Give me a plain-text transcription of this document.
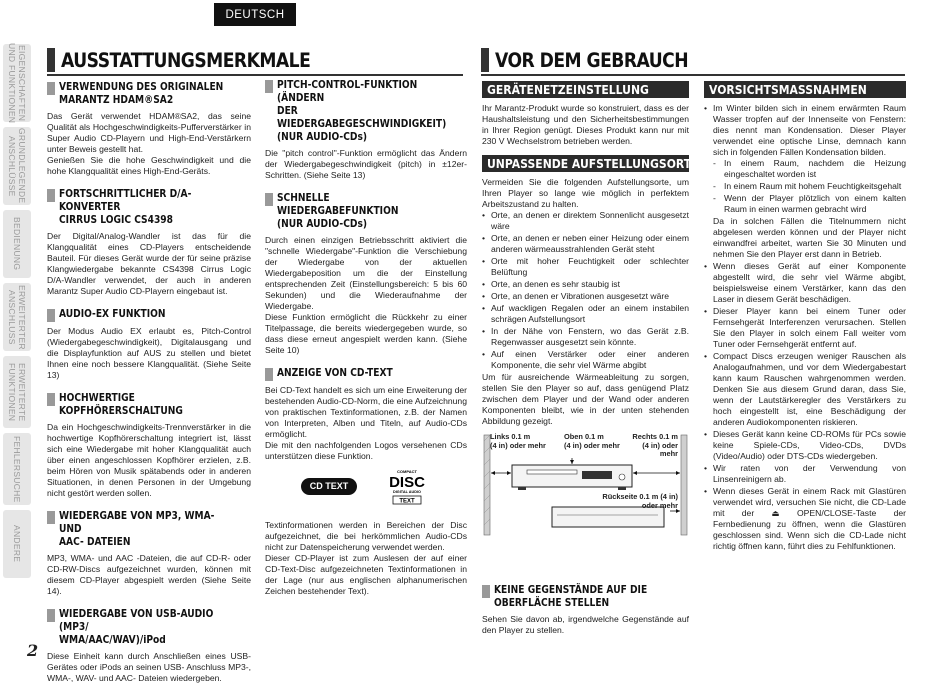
DEUTSCH
EIGENSCHAFTEN
UND FUNKTIONEN
GRUNDLEGENDE
ANSCHLÜSSE
BEDIENUNG
ERWEITERTER
ANSCHLUSS
ERWEITERTE
FUNKTIONEN
FEHLERSUCHE
ANDERE
2
AUSSTATTUNGSMERKMALE	VOR DEM GEBRAUCH
VERWENDUNG DES ORIGINALEN
MARANTZ HDAM®SA2

Das Gerät verwendet HDAM®SA2, das seine Qualität als Hochgeschwindigkeits-Pufferverstärker in Super Audio CD-Playern und High-End-Verstärkern unter Beweis gestellt hat.
Genießen Sie die hohe Geschwindigkeit und die hohe Klangqualität eines High-End-Geräts.

FORTSCHRITTLICHER D/A-KONVERTER
CIRRUS LOGIC CS4398

Der Digital/Analog-Wandler ist das für die Klangqualität eines CD-Players entscheidende Bauteil. Für dieses Gerät wurde der für seine präzise Klangwiedergabe bekannte CS4398 Cirrus Logic D/A-Wandler verwendet, der auch in anderen Marantz Super Audio CD-Playern eingebaut ist.

AUDIO-EX FUNKTION

Der Modus Audio EX erlaubt es, Pitch-Control (Wiedergabegeschwindigkeit), Digitalausgang und die Displayfunktion auf AUS zu stellen und bietet Ihnen eine noch bessere Klangqualität. (Siehe Seite 13)

HOCHWERTIGE KOPFHÖRERSCHALTUNG

Da ein Hochgeschwindigkeits-Trennverstärker in die hochwertige Kopfhörerschaltung integriert ist, lässt sich eine Wiedergabe mit hoher Klangqualität auch über einen angeschlossen Kopfhörer erzielen, z.B. beim Hören von Musik spätabends oder in anderen Situationen, in denen Personen in der Umgebung nicht gestört werden sollen.

WIEDERGABE VON MP3, WMA- UND
AAC- DATEIEN

MP3, WMA- und AAC -Dateien, die auf CD-R- oder CD-RW-Discs aufgezeichnet wurden, können mit diesem CD-Player abgespielt werden (Siehe Seite 14).

WIEDERGABE VON USB-AUDIO (MP3/
WMA/AAC/WAV)/iPod

Diese Einheit kann durch Anschließen eines USB-Gerätes oder iPods an seinen USB- Anschluss MP3-, WMA-, WAV- und AAC- Dateien wiedergeben.

PITCH-CONTROL-FUNKTION (ÄNDERN
DER WIEDERGABEGESCHWINDIGKEIT)
(NUR AUDIO-CDs)

Die "pitch control"-Funktion ermöglicht das Ändern der Wiedergabegeschwindigkeit (pitch) in ±12er-Schritten. (Siehe Seite 13)

SCHNELLE WIEDERGABEFUNKTION
(NUR AUDIO-CDs)

Durch einen einzigen Betriebsschritt aktiviert die "schnelle Wiedergabe"-Funktion die Verschiebung der Wiedergabe von der aktuellen Wiedergabeposition um die der Einstellung entsprechenden Zeit (Einstellungsbereich: 5 bis 60 Sekunden) und die Wiederaufnahme der Wiedergabe.
Diese Funktion ermöglicht die Rückkehr zu einer Titelpassage, die bereits wiedergegeben wurde, so dass diese erneut angespielt werden kann. (Siehe Seite 10)

ANZEIGE VON CD-TEXT

Bei CD-Text handelt es sich um eine Erweiterung der bestehenden Audio-CD-Norm, die eine Aufzeichnung von praktischen Textinformationen, z.B. der Namen von Interpreten, Alben und Titeln, auf Audio-CDs ermöglicht.
Die mit den nachfolgenden Logos versehenen CDs unterstützen diese Funktion.

CD TEXT
COMPACT
DISC
DIGITAL AUDIO
TEXT

Textinformationen werden in Bereichen der Disc aufgezeichnet, die bei herkömmlichen Audio-CDs nicht zur Datenspeicherung verwendet werden.
Dieser CD-Player ist zum Auslesen der auf einer CD-Text-Disc aufgezeichneten Textinformationen in der Lage (nur aus englischen alphanumerischen Zeichen bestehender Text).

GERÄTENETZEINSTELLUNG

Ihr Marantz-Produkt wurde so konstruiert, dass es der Haushaltsleistung und den Sicherheitsbestimmungen in Ihrer Region genügt. Dieses Produkt kann nur mit 230 V Wechselstrom betrieben werden.

UNPASSENDE AUFSTELLUNGSORTE

Vermeiden Sie die folgenden Aufstellungsorte, um Ihren Player so lange wie möglich in perfektem Arbeitszustand zu halten.

• Orte, an denen er direktem Sonnenlicht ausgesetzt wäre
• Orte, an denen er neben einer Heizung oder einem anderen wärmeausstrahlenden Gerät steht
• Orte mit hoher Feuchtigkeit oder schlechter Belüftung
• Orte, an denen es sehr staubig ist
• Orte, an denen er Vibrationen ausgesetzt wäre
• Auf wackligen Regalen oder an einem instabilen schrägen Aufstellungsort
• In der Nähe von Fenstern, wo das Gerät z.B. Regenwasser ausgesetzt sein könnte.
• Auf einen Verstärker oder einer anderen Komponente, die sehr viel Wärme abgibt

Um für ausreichende Wärmeableitung zu sorgen, stellen Sie den Player so auf, dass genügend Platz zwischen dem Player und der Wand oder anderen Komponenten bleibt, wie in der unten stehenden Abbildung gezeigt.

Links 0.1 m
(4 in) oder mehr
Oben 0.1 m
(4 in) oder mehr
Rechts 0.1 m
(4 in) oder
mehr
Rückseite 0.1 m (4 in)
oder mehr
KEINE GEGENSTÄNDE AUF DIE
OBERFLÄCHE STELLEN

Sehen Sie davon ab, irgendwelche Gegenstände auf den Player zu stellen.

VORSICHTSMASSNAHMEN
• Im Winter bilden sich in einem erwärmten Raum Wasser tropfen auf der Innenseite von Fenstern: dies nennt man Kondensation. Dieser Player verwendet eine optische Linse, demnach kann sich in folgenden Fällen Kondensation bilden.
- In einem Raum, nachdem die Heizung eingeschaltet worden ist
- In einem Raum mit hohem Feuchtigkeitsgehalt
- Wenn der Player plötzlich von einem kalten Raum in einen warmen gebracht wird

Da in solchen Fällen die Titelnummern nicht abgelesen werden können und der Player nicht einwandfrei arbeitet, warten Sie 30 Minuten und nehmen Sie den Player erst dann in Betrieb.

• Wenn dieses Gerät auf einer Komponente abgestellt wird, die sehr viel Wärme abgibt, beispielsweise einem Verstärker, kann das den Laser in diesem Gerät beschädigen.
• Dieser Player kann bei einem Tuner oder Fernsehgerät Interferenzen verursachen. Stellen Sie den Player in solch einem Fall weiter vom Tuner oder Fernsehgerät entfernt auf.
• Compact Discs erzeugen weniger Rauschen als Analogaufnahmen, und vor dem Wiedergabestart kann kaum Rauschen wahrgenommen werden. Denken Sie aus diesem Grund daran, dass Sie, wenn der Lautstärkeregler des Verstärkers zu hoch eingestellt ist, eine Beschädigung der anderen Audiokomponenten riskieren.
• Dieses Gerät kann keine CD-ROMs für PCs sowie keine Spiele-CDs, Video-CDs, DVDs (Video/Audio) oder DTS-CDs wiedergeben.
• Wir raten von der Verwendung von Linsenreinigern ab.
• Wenn dieses Gerät in einem Rack mit Glastüren verwendet wird, versuchen Sie nicht, die CD-Lade mit der ⏏ OPEN/CLOSE-Taste der Fernbedienung zu öffnen, wenn die Glastüren geschlossen sind. Wenn sich die CD-Lade nicht richtig öffnen kann, führt dies zu Fehlfunktionen.
